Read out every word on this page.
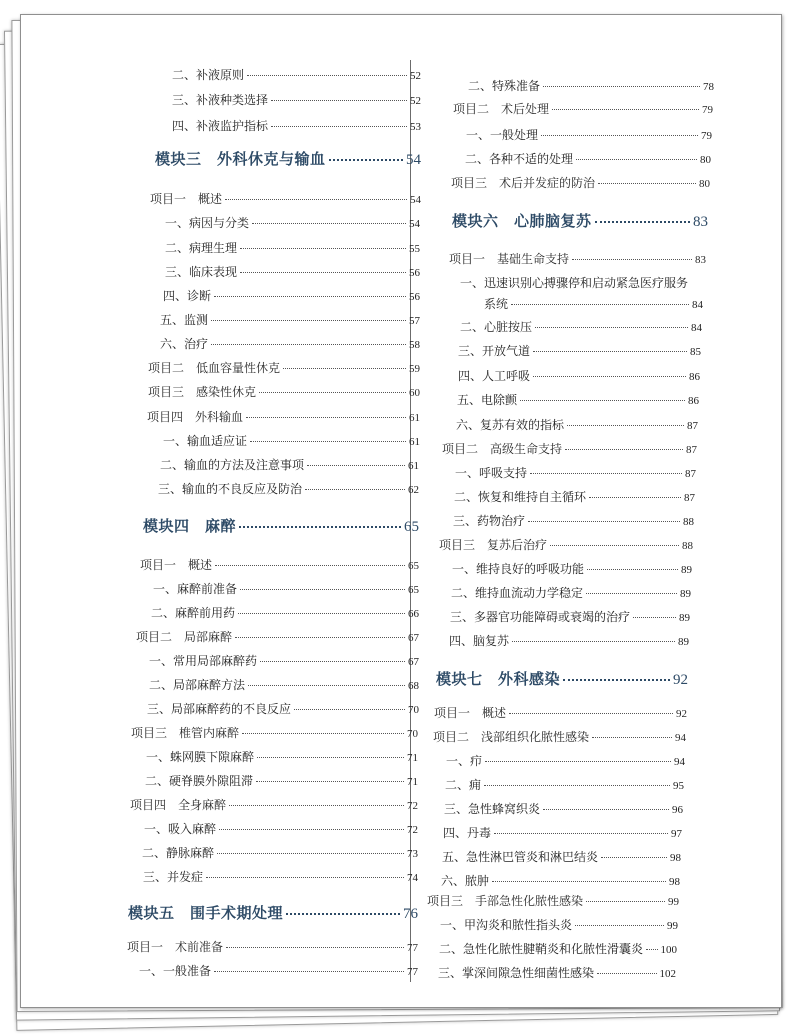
二、补液原则	52
三、补液种类选择	52
四、补液监护指标	53
模块三　外科休克与输血	54
项目一　概述	54
一、病因与分类	54
二、病理生理	55
三、临床表现	56
四、诊断	56
五、监测	57
六、治疗	58
项目二　低血容量性休克	59
项目三　感染性休克	60
项目四　外科输血	61
一、输血适应证	61
二、输血的方法及注意事项	61
三、输血的不良反应及防治	62
模块四　麻醉	65
项目一　概述	65
一、麻醉前准备	65
二、麻醉前用药	66
项目二　局部麻醉	67
一、常用局部麻醉药	67
二、局部麻醉方法	68
三、局部麻醉药的不良反应	70
项目三　椎管内麻醉	70
一、蛛网膜下隙麻醉	71
二、硬脊膜外隙阻滞	71
项目四　全身麻醉	72
一、吸入麻醉	72
二、静脉麻醉	73
三、并发症	74
模块五　围手术期处理	76
项目一　术前准备	77
一、一般准备	77
二、特殊准备	78
项目二　术后处理	79
一、一般处理	79
二、各种不适的处理	80
项目三　术后并发症的防治	80
模块六　心肺脑复苏	83
项目一　基础生命支持	83
一、迅速识别心搏骤停和启动紧急医疗服务
系统	84
二、心脏按压	84
三、开放气道	85
四、人工呼吸	86
五、电除颤	86
六、复苏有效的指标	87
项目二　高级生命支持	87
一、呼吸支持	87
二、恢复和维持自主循环	87
三、药物治疗	88
项目三　复苏后治疗	88
一、维持良好的呼吸功能	89
二、维持血流动力学稳定	89
三、多器官功能障碍或衰竭的治疗	89
四、脑复苏	89
模块七　外科感染	92
项目一　概述	92
项目二　浅部组织化脓性感染	94
一、疖	94
二、痈	95
三、急性蜂窝织炎	96
四、丹毒	97
五、急性淋巴管炎和淋巴结炎	98
六、脓肿	98
项目三　手部急性化脓性感染	99
一、甲沟炎和脓性指头炎	99
二、急性化脓性腱鞘炎和化脓性滑囊炎 100
三、掌深间隙急性细菌性感染	102
